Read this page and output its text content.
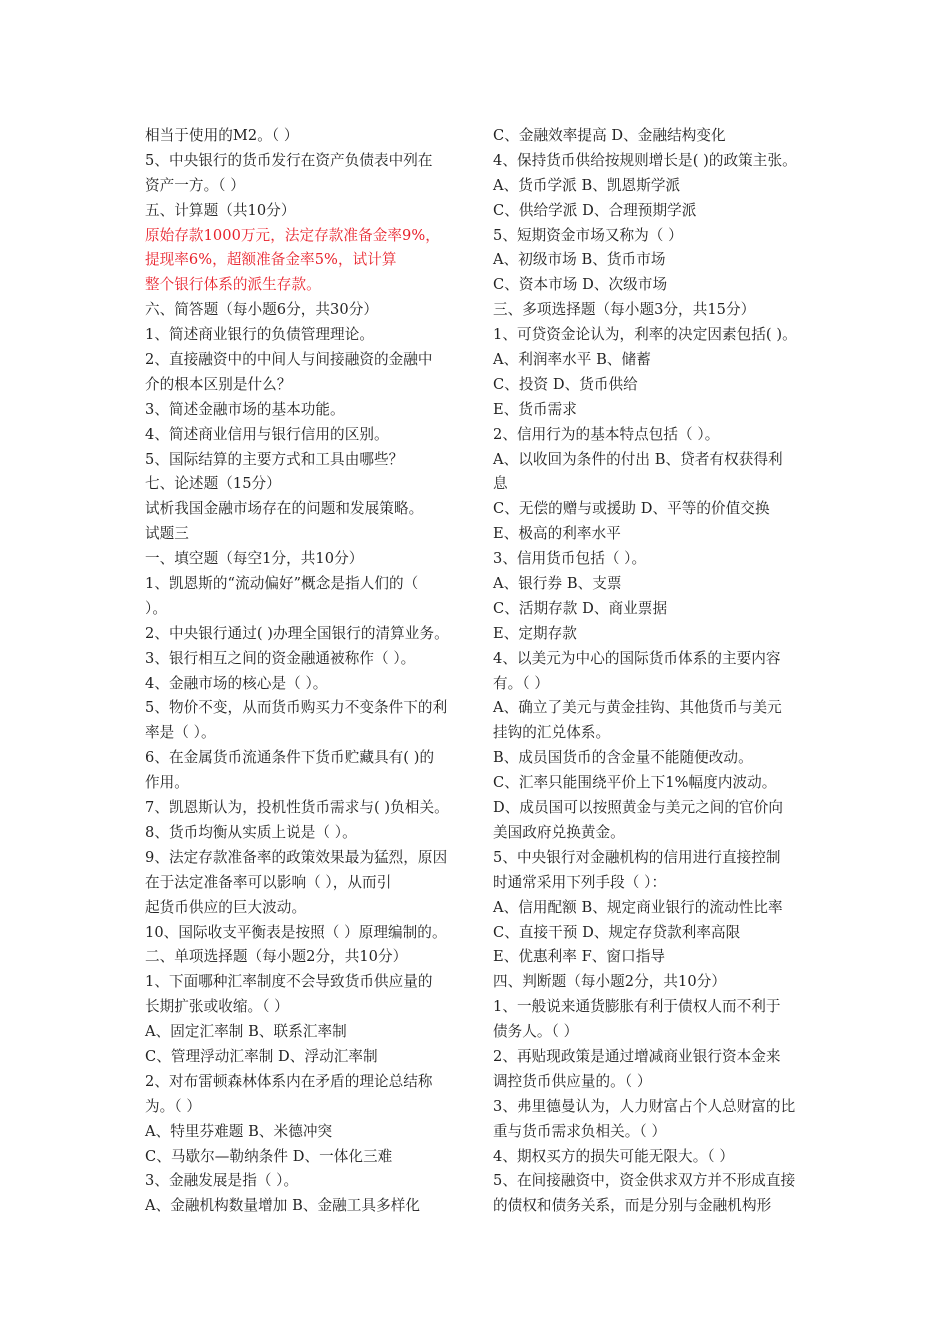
相当于使用的M2。（ ）
5、中央银行的货币发行在资产负债表中列在
资产一方。（ ）
五、计算题（共10分）
原始存款1000万元，法定存款准备金率9%，
提现率6%，超额准备金率5%，试计算
整个银行体系的派生存款。
六、简答题（每小题6分，共30分）
1、简述商业银行的负债管理理论。
2、直接融资中的中间人与间接融资的金融中
介的根本区别是什么？
3、简述金融市场的基本功能。
4、简述商业信用与银行信用的区别。
5、国际结算的主要方式和工具由哪些？
七、论述题（15分）
试析我国金融市场存在的问题和发展策略。
试题三
一、填空题（每空1分，共10分）
1、凯恩斯的“流动偏好”概念是指人们的（
）。
2、中央银行通过( )办理全国银行的清算业务。
3、银行相互之间的资金融通被称作（ ）。
4、金融市场的核心是（ ）。
5、物价不变，从而货币购买力不变条件下的利
率是（ ）。
6、在金属货币流通条件下货币贮藏具有( )的
作用。
7、凯恩斯认为，投机性货币需求与( )负相关。
8、货币均衡从实质上说是（ ）。
9、法定存款准备率的政策效果最为猛烈，原因
在于法定准备率可以影响（ ），从而引
起货币供应的巨大波动。
10、国际收支平衡表是按照（ ）原理编制的。
二、单项选择题（每小题2分，共10分）
1、下面哪种汇率制度不会导致货币供应量的
长期扩张或收缩。（ ）
A、固定汇率制 B、联系汇率制
C、管理浮动汇率制 D、浮动汇率制
2、对布雷顿森林体系内在矛盾的理论总结称
为。（ ）
A、特里芬难题 B、米德冲突
C、马歇尔—勒纳条件 D、一体化三难
3、金融发展是指（ ）。
A、金融机构数量增加 B、金融工具多样化
C、金融效率提高 D、金融结构变化
4、保持货币供给按规则增长是( )的政策主张。
A、货币学派 B、凯恩斯学派
C、供给学派 D、合理预期学派
5、短期资金市场又称为（ ）
A、初级市场 B、货币市场
C、资本市场 D、次级市场
三、多项选择题（每小题3分，共15分）
1、可贷资金论认为，利率的决定因素包括( )。
A、利润率水平 B、储蓄
C、投资 D、货币供给
E、货币需求
2、信用行为的基本特点包括（ ）。
A、以收回为条件的付出 B、贷者有权获得利
息
C、无偿的赠与或援助 D、平等的价值交换
E、极高的利率水平
3、信用货币包括（ ）。
A、银行券 B、支票
C、活期存款 D、商业票据
E、定期存款
4、以美元为中心的国际货币体系的主要内容
有。（ ）
A、确立了美元与黄金挂钩、其他货币与美元
挂钩的汇兑体系。
B、成员国货币的含金量不能随便改动。
C、汇率只能围绕平价上下1%幅度内波动。
D、成员国可以按照黄金与美元之间的官价向
美国政府兑换黄金。
5、中央银行对金融机构的信用进行直接控制
时通常采用下列手段（ ）：
A、信用配额 B、规定商业银行的流动性比率
C、直接干预 D、规定存贷款利率高限
E、优惠利率 F、窗口指导
四、判断题（每小题2分，共10分）
1、一般说来通货膨胀有利于债权人而不利于
债务人。（ ）
2、再贴现政策是通过增减商业银行资本金来
调控货币供应量的。（ ）
3、弗里德曼认为，人力财富占个人总财富的比
重与货币需求负相关。（ ）
4、期权买方的损失可能无限大。（ ）
5、在间接融资中，资金供求双方并不形成直接
的债权和债务关系，而是分别与金融机构形
